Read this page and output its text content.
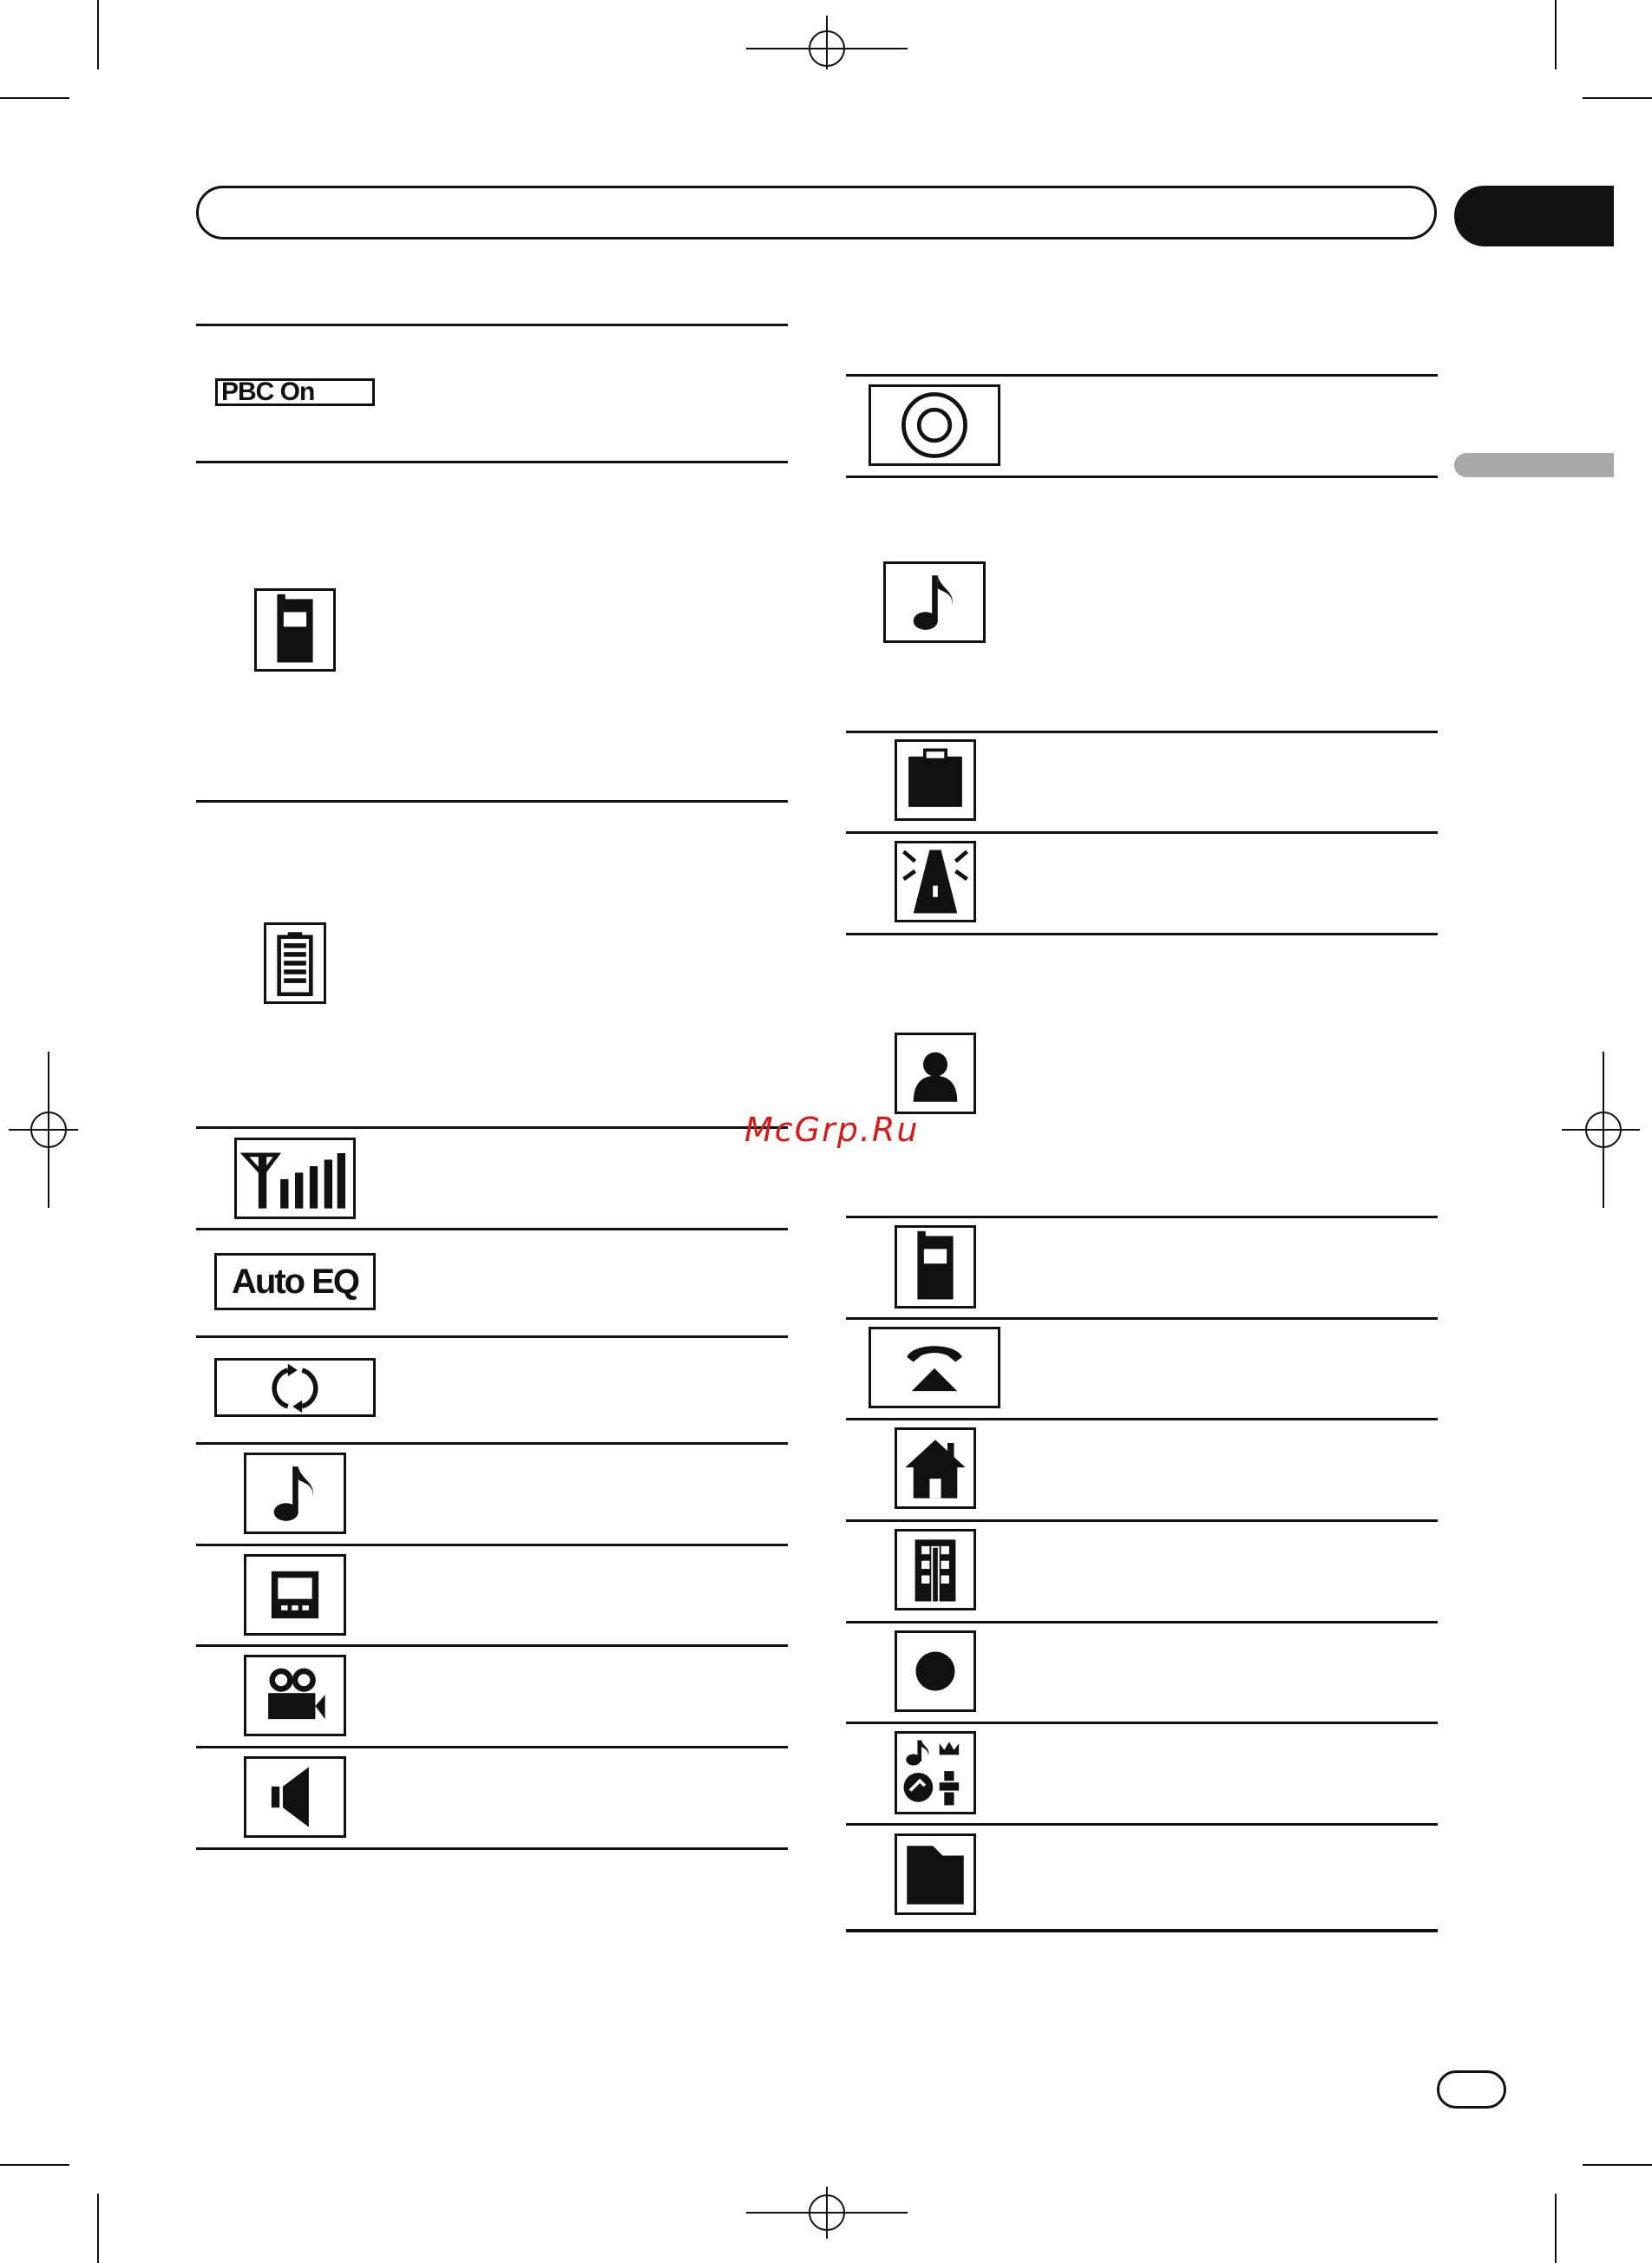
PBC On
Auto EQ
McGrp.Ru
